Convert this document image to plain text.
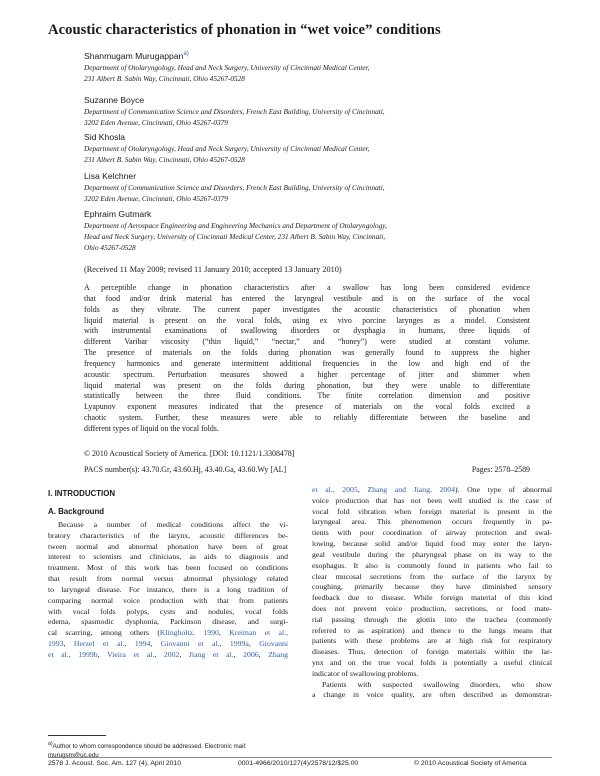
Acoustic characteristics of phonation in “wet voice” conditions
Shanmugam Murugappan$^{a)}$
Department of Otolaryngology, Head and Neck Surgery, University of Cincinnati Medical Center,
231 Albert B. Sabin Way, Cincinnati, Ohio 45267-0528
Suzanne Boyce
Department of Communication Science and Disorders, French East Building, University of Cincinnati,
3202 Eden Avenue, Cincinnati, Ohio 45267-0379
Sid Khosla
Department of Otolaryngology, Head and Neck Surgery, University of Cincinnati Medical Center,
231 Albert B. Sabin Way, Cincinnati, Ohio 45267-0528
Lisa Kelchner
Department of Communication Science and Disorders, French East Building, University of Cincinnati,
3202 Eden Avenue, Cincinnati, Ohio 45267-0379
Ephraim Gutmark
Department of Aerospace Engineering and Engineering Mechanics and Department of Otolaryngology,
Head and Neck Surgery, University of Cincinnati Medical Center, 231 Albert B. Sabin Way, Cincinnati,
Ohio 45267-0528
(Received 11 May 2009; revised 11 January 2010; accepted 13 January 2010)
A perceptible change in phonation characteristics after a swallow has long been considered evidence
that food and/or drink material has entered the laryngeal vestibule and is on the surface of the vocal
folds as they vibrate. The current paper investigates the acoustic characteristics of phonation when
liquid material is present on the vocal folds, using ex vivo porcine larynges as a model. Consistent
with instrumental examinations of swallowing disorders or dysphagia in humans, three liquids of
different Varibar viscosity (“thin liquid,” “nectar,” and “honey”) were studied at constant volume.
The presence of materials on the folds during phonation was generally found to suppress the higher
frequency harmonics and generate intermittent additional frequencies in the low and high end of the
acoustic spectrum. Perturbation measures showed a higher percentage of jitter and shimmer when
liquid material was present on the folds during phonation, but they were unable to differentiate
statistically between the three fluid conditions. The finite correlation dimension and positive
Lyapunov exponent measures indicated that the presence of materials on the vocal folds excited a
chaotic system. Further, these measures were able to reliably differentiate between the baseline and
different types of liquid on the vocal folds.
© 2010 Acoustical Society of America. [DOI: 10.1121/1.3308478]
PACS number(s): 43.70.Gr, 43.60.Hj, 43.40.Ga, 43.60.Wy [AL]	Pages: 2578–2589
I. INTRODUCTION
A. Background
Because a number of medical conditions affect the vi-
bratory characteristics of the larynx, acoustic differences be-
tween normal and abnormal phonation have been of great
interest to scientists and clinicians, as aids to diagnosis and
treatment. Most of this work has been focused on conditions
that result from normal versus abnormal physiology related
to laryngeal disease. For instance, there is a long tradition of
comparing normal voice production with that from patients
with vocal folds polyps, cysts and nodules, vocal folds
edema, spasmodic dysphonia, Parkinson disease, and surgi-
cal scarring, among others (Klingholtz, 1990, Kreiman et al.,
1993, Herzel et al., 1994, Giovanni et al., 1999a, Giovanni
et al., 1999b, Vieira et al., 2002, Jiang et al., 2006, Zhang
et al., 2005, Zhang and Jiang, 2004). One type of abnormal
voice production that has not been well studied is the case of
vocal fold vibration when foreign material is present in the
laryngeal area. This phenomenon occurs frequently in pa-
tients with poor coordination of airway protection and swal-
lowing, because solid and/or liquid food may enter the laryn-
geal vestibule during the pharyngeal phase on its way to the
esophagus. It also is commonly found in patients who fail to
clear mucosal secretions from the surface of the larynx by
coughing, primarily because they have diminished sensory
feedback due to disease. While foreign material of this kind
does not prevent voice production, secretions, or food mate-
rial passing through the glottis into the trachea (commonly
referred to as aspiration) and thence to the lungs means that
patients with these problems are at high risk for respiratory
diseases. Thus, detection of foreign materials within the lar-
ynx and on the true vocal folds is potentially a useful clinical
indicator of swallowing problems.
Patients with suspected swallowing disorders, who show
a change in voice quality, are often described as demonstrat-
$^{a)}$Author to whom correspondence should be addressed. Electronic mail:
murugsm@uc.edu
2578 J. Acoust. Soc. Am. 127 (4), April 2010	0001-4966/2010/127(4)/2578/12/$25.00	© 2010 Acoustical Society of America
